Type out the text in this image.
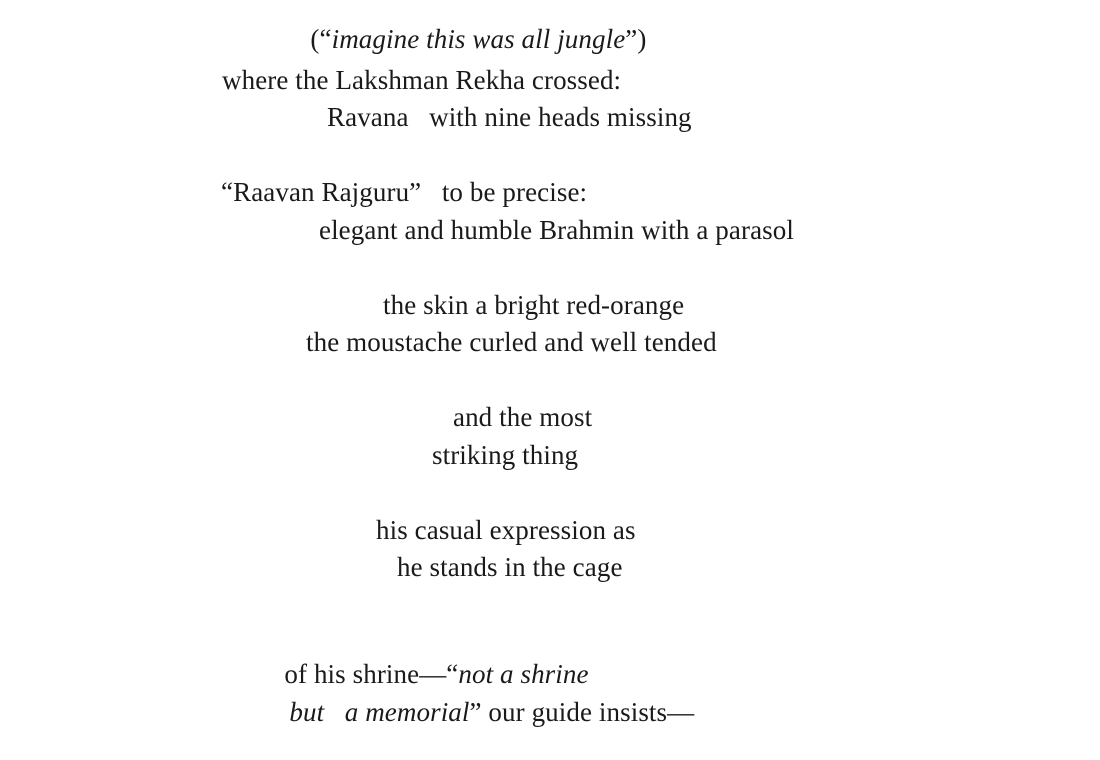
(“imagine this was all jungle”)

where the Lakshman Rekha crossed:
Ravana   with nine heads missing
“Raavan Rajguru”   to be precise:
elegant and humble Brahmin with a parasol
the skin a bright red-orange
the moustache curled and well tended
and the most
striking thing
his casual expression as
he stands in the cage

of his shrine—“not a shrine

but   a memorial” our guide insists—
